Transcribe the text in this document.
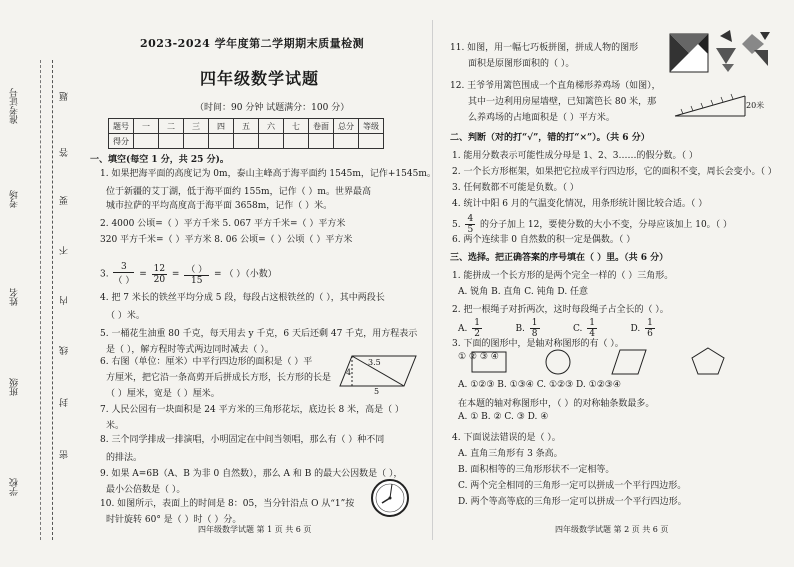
准考证号
考场
姓名
班级
学校
题
答
要
不
内
线
封
密
2023-2024 学年度第二学期期末质量检测
四年级数学试题
（时间：90 分钟 试题满分：100 分）
题号	一	二	三	四	五	六	七	卷面	总分	等级
得分										
一、填空(每空 1 分，共 25 分)。
1. 如果把海平面的高度记为 0m，泰山主峰高于海平面约 1545m，记作+1545m。
位于新疆的艾丁湖，低于海平面约 155m，记作（ ）m。世界最高
城市拉萨的平均高度高于海平面 3658m，记作（ ）米。
2. 4000 公顷=（ ）平方千米 5. 067 平方千米=（ ）平方米
320 平方千米=（ ）平方米 8. 06 公顷=（ ）公顷（ ）平方米
4. 把 7 米长的铁丝平均分成 5 段，每段占这根铁丝的（ ），其中两段长
（ ）米。
5. 一桶花生油重 80 千克，每天用去 y 千克，6 天后还剩 47 千克，用方程表示
是（ ），解方程时等式两边同时减去（ ）。
6. 右图（单位：厘米）中平行四边形的面积是（ ）平
方厘米，把它沿一条高剪开后拼成长方形，长方形的长是
（ ）厘米，宽是（ ）厘米。
7. 人民公园有一块面积是 24 平方米的三角形花坛，底边长 8 米，高是（ ）
米。
8. 三个同学排成一排演唱，小明固定在中间当领唱，那么有（ ）种不同
的排法。
9. 如果 A=6B（A、B 为非 0 自然数），那么 A 和 B 的最大公因数是（ ），
最小公倍数是（ ）。
10. 如图所示，表面上的时间是 8：05，当分针沿点 O 从“1”按
时针旋转 60° 是（ ）时（ ）分。
3.
3
（ ）
= $\frac{12}{20}$ = （ ）
15
= （ ）（小数）
3.5
4
5
四年级数学试题 第 1 页 共 6 页
11. 如图，用一幅七巧板拼图，拼成人物的图形
面积是原图形面积的（ ）。
12. 王爷爷用篱笆围成一个直角梯形养鸡场（如图），
其中一边利用房屋墙壁，已知篱笆长 80 米，那
么养鸡场的占地面积是（ ）平方米。
二、判断（对的打“√”，错的打“×”）。（共 6 分）
1. 能用分数表示可能性成分母是 1、2、3……的假分数。（ ）
2. 一个长方形框架，如果把它拉成平行四边形，它的面积不变，周长会变小。（ ）
3. 任何数都不可能是负数。（ ）
4. 统计中阳 6 月的气温变化情况，用条形统计图比较合适。（ ）
5. $\frac{4}{5}$ 的分子加上 12，要使分数的大小不变，分母应该加上 10。（ ）
6. 两个连续非 0 自然数的积一定是偶数。（ ）
三、选择。把正确答案的序号填在（ ）里。（共 6 分）
1. 能拼成一个长方形的是两个完全一样的（ ）三角形。
A. 锐角 B. 直角 C. 钝角 D. 任意
2. 把一根绳子对折两次，这时每段绳子占全长的（ ）。
A. $\frac{1}{2} B$. $\frac{1}{8} C$. $\frac{1}{4} D$. $\frac{1}{6}$
3. 下面的图形中，是轴对称图形的有（ ）。
① ② ③ ④
A. ①②③ B. ①③④ C. ①②③ D. ①②③④
在本题的轴对称图形中，（ ）的对称轴条数最多。
A. ① B. ② C. ③ D. ④
4. 下面说法错误的是（ ）。
A. 直角三角形有 3 条高。
B. 面积相等的三角形形状不一定相等。
C. 两个完全相同的三角形一定可以拼成一个平行四边形。
D. 两个等高等底的三角形一定可以拼成一个平行四边形。
20米
四年级数学试题 第 2 页 共 6 页
